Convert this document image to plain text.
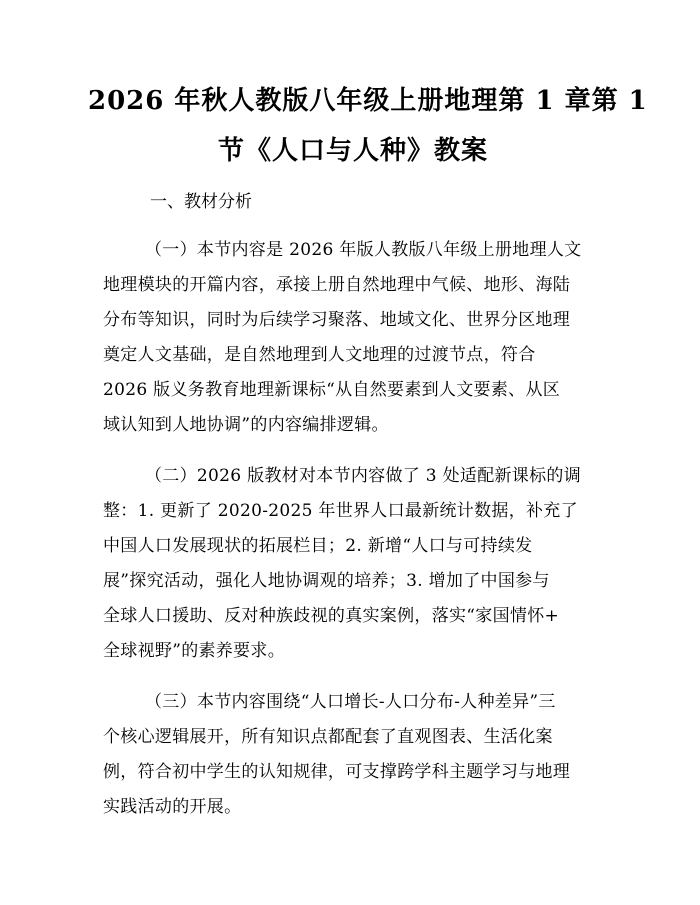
2026 年秋人教版八年级上册地理第 1 章第 1
节《人口与人种》教案

一、教材分析

（一）本节内容是 2026 年版人教版八年级上册地理人文
地理模块的开篇内容，承接上册自然地理中气候、地形、海陆
分布等知识，同时为后续学习聚落、地域文化、世界分区地理
奠定人文基础，是自然地理到人文地理的过渡节点，符合
2026 版义务教育地理新课标“从自然要素到人文要素、从区
域认知到人地协调”的内容编排逻辑。
（二）2026 版教材对本节内容做了 3 处适配新课标的调
整：1. 更新了 2020-2025 年世界人口最新统计数据，补充了
中国人口发展现状的拓展栏目；2. 新增“人口与可持续发
展”探究活动，强化人地协调观的培养；3. 增加了中国参与
全球人口援助、反对种族歧视的真实案例，落实“家国情怀+
全球视野”的素养要求。
（三）本节内容围绕“人口增长-人口分布-人种差异”三
个核心逻辑展开，所有知识点都配套了直观图表、生活化案
例，符合初中学生的认知规律，可支撑跨学科主题学习与地理
实践活动的开展。
